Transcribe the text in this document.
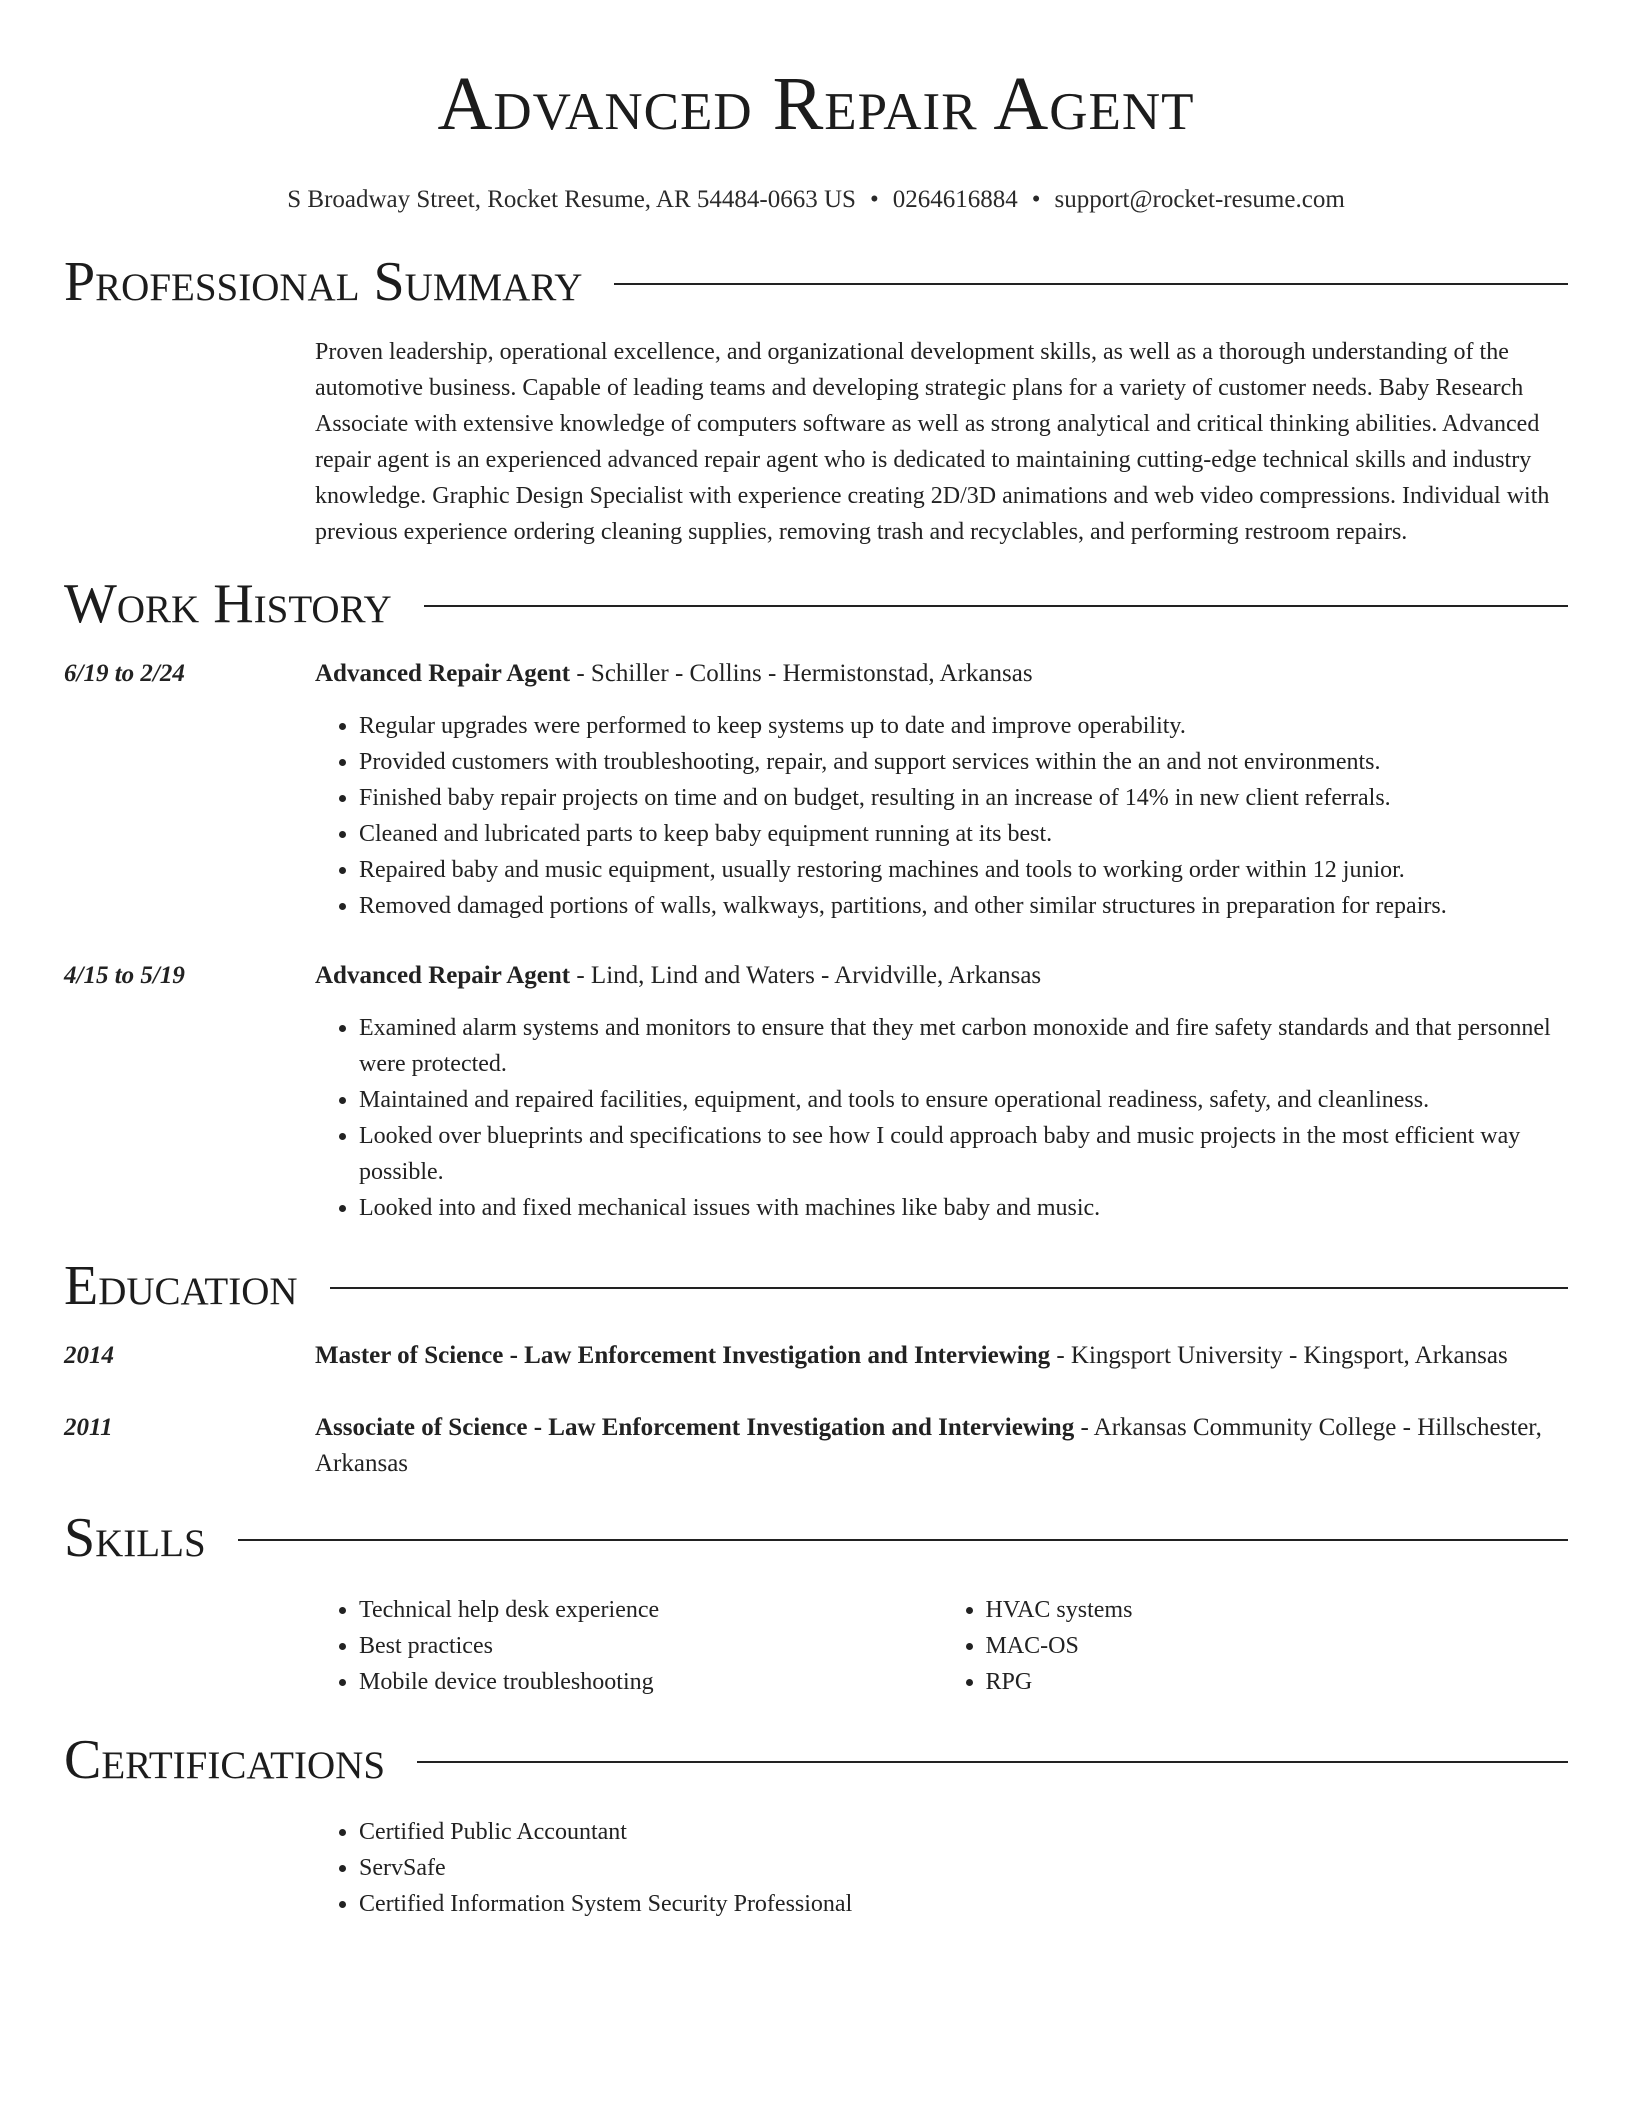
Advanced Repair Agent
S Broadway Street, Rocket Resume, AR 54484-0663 US • 0264616884 • support@rocket-resume.com
Professional Summary
Proven leadership, operational excellence, and organizational development skills, as well as a thorough understanding of the automotive business. Capable of leading teams and developing strategic plans for a variety of customer needs. Baby Research Associate with extensive knowledge of computers software as well as strong analytical and critical thinking abilities. Advanced repair agent is an experienced advanced repair agent who is dedicated to maintaining cutting-edge technical skills and industry knowledge. Graphic Design Specialist with experience creating 2D/3D animations and web video compressions. Individual with previous experience ordering cleaning supplies, removing trash and recyclables, and performing restroom repairs.
Work History
6/19 to 2/24	Advanced Repair Agent - Schiller - Collins - Hermistonstad, Arkansas
• Regular upgrades were performed to keep systems up to date and improve operability.
• Provided customers with troubleshooting, repair, and support services within the an and not environments.
• Finished baby repair projects on time and on budget, resulting in an increase of 14% in new client referrals.
• Cleaned and lubricated parts to keep baby equipment running at its best.
• Repaired baby and music equipment, usually restoring machines and tools to working order within 12 junior.
• Removed damaged portions of walls, walkways, partitions, and other similar structures in preparation for repairs.
4/15 to 5/19	Advanced Repair Agent - Lind, Lind and Waters - Arvidville, Arkansas
• Examined alarm systems and monitors to ensure that they met carbon monoxide and fire safety standards and that personnel were protected.
• Maintained and repaired facilities, equipment, and tools to ensure operational readiness, safety, and cleanliness.
• Looked over blueprints and specifications to see how I could approach baby and music projects in the most efficient way possible.
• Looked into and fixed mechanical issues with machines like baby and music.
Education
2014	Master of Science - Law Enforcement Investigation and Interviewing - Kingsport University - Kingsport, Arkansas
2011	Associate of Science - Law Enforcement Investigation and Interviewing - Arkansas Community College - Hillschester, Arkansas
Skills
• Technical help desk experience
• Best practices
• Mobile device troubleshooting
• HVAC systems
• MAC-OS
• RPG
Certifications
• Certified Public Accountant
• ServSafe
• Certified Information System Security Professional
